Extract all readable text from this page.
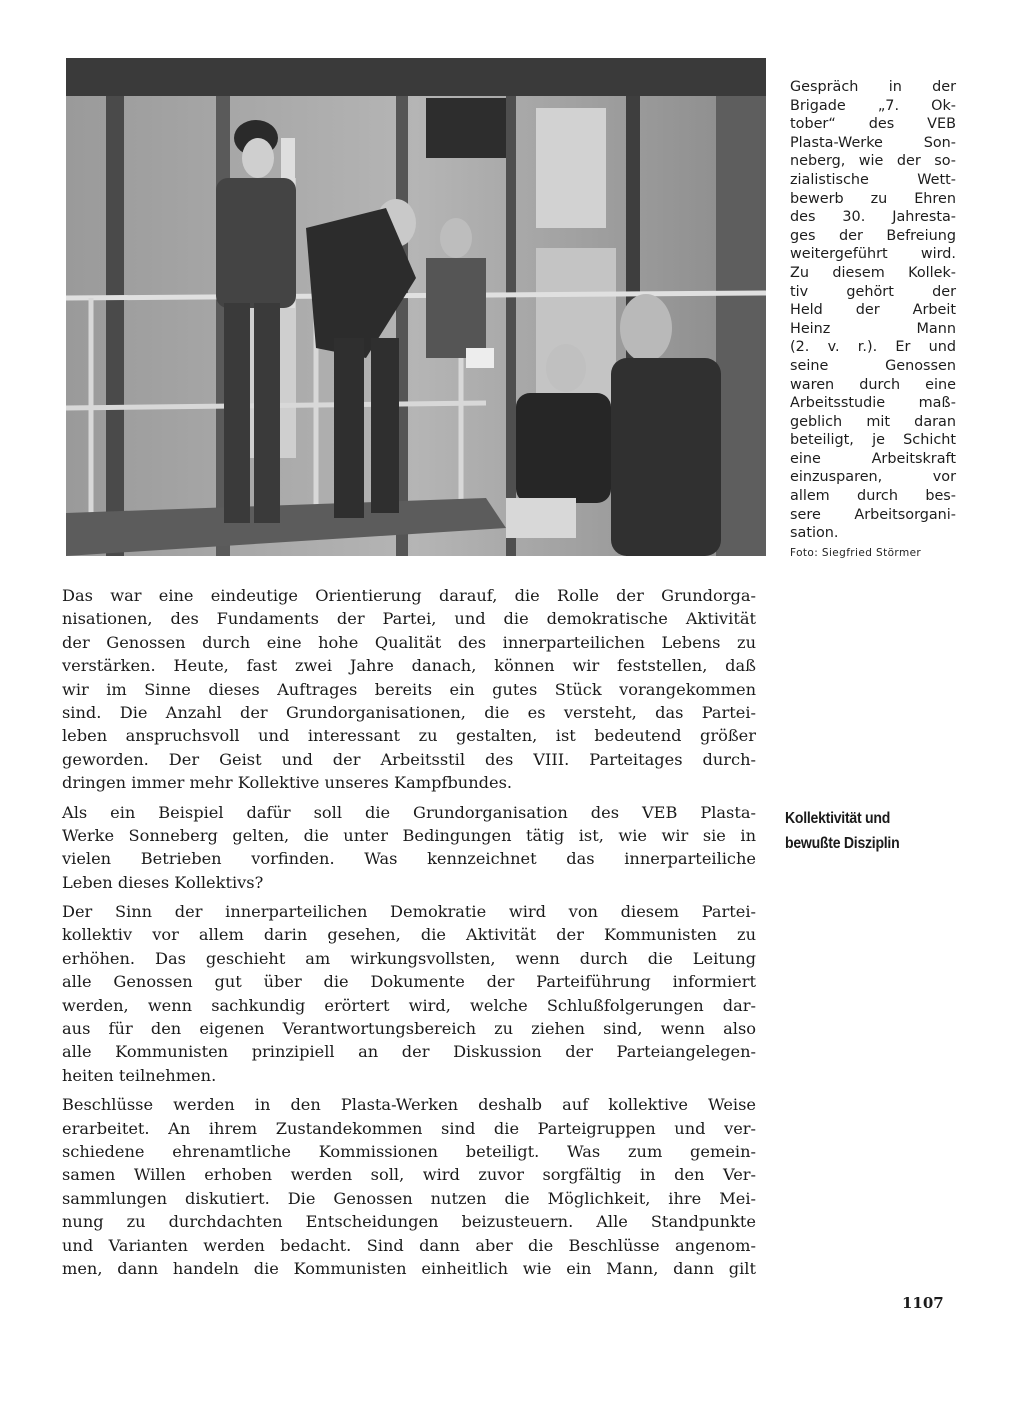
Gespräch in der
Brigade „7. Ok-
tober“ des VEB
Plasta-Werke Son-
neberg, wie der so-
zialistische Wett-
bewerb zu Ehren
des 30. Jahresta-
ges der Befreiung
weitergeführt wird.
Zu diesem Kollek-
tiv gehört der
Held der Arbeit
Heinz Mann
(2. v. r.). Er und
seine Genossen
waren durch eine
Arbeitsstudie maß-
geblich mit daran
beteiligt, je Schicht
eine Arbeitskraft
einzusparen, vor
allem durch bes-
sere Arbeitsorgani-
sation.
Foto: Siegfried Störmer
Kollektivität und
bewußte Disziplin

Das war eine eindeutige Orientierung darauf, die Rolle der Grundorga-
nisationen, des Fundaments der Partei, und die demokratische Aktivität
der Genossen durch eine hohe Qualität des innerparteilichen Lebens zu
verstärken. Heute, fast zwei Jahre danach, können wir feststellen, daß
wir im Sinne dieses Auftrages bereits ein gutes Stück vorangekommen
sind. Die Anzahl der Grundorganisationen, die es versteht, das Partei-
leben anspruchsvoll und interessant zu gestalten, ist bedeutend größer
geworden. Der Geist und der Arbeitsstil des VIII. Parteitages durch-
dringen immer mehr Kollektive unseres Kampfbundes.

Als ein Beispiel dafür soll die Grundorganisation des VEB Plasta-
Werke Sonneberg gelten, die unter Bedingungen tätig ist, wie wir sie in
vielen Betrieben vorfinden. Was kennzeichnet das innerparteiliche
Leben dieses Kollektivs?

Der Sinn der innerparteilichen Demokratie wird von diesem Partei-
kollektiv vor allem darin gesehen, die Aktivität der Kommunisten zu
erhöhen. Das geschieht am wirkungsvollsten, wenn durch die Leitung
alle Genossen gut über die Dokumente der Parteiführung informiert
werden, wenn sachkundig erörtert wird, welche Schlußfolgerungen dar-
aus für den eigenen Verantwortungsbereich zu ziehen sind, wenn also
alle Kommunisten prinzipiell an der Diskussion der Parteiangelegen-
heiten teilnehmen.

Beschlüsse werden in den Plasta-Werken deshalb auf kollektive Weise
erarbeitet. An ihrem Zustandekommen sind die Parteigruppen und ver-
schiedene ehrenamtliche Kommissionen beteiligt. Was zum gemein-
samen Willen erhoben werden soll, wird zuvor sorgfältig in den Ver-
sammlungen diskutiert. Die Genossen nutzen die Möglichkeit, ihre Mei-
nung zu durchdachten Entscheidungen beizusteuern. Alle Standpunkte
und Varianten werden bedacht. Sind dann aber die Beschlüsse angenom-
men, dann handeln die Kommunisten einheitlich wie ein Mann, dann gilt

1107
